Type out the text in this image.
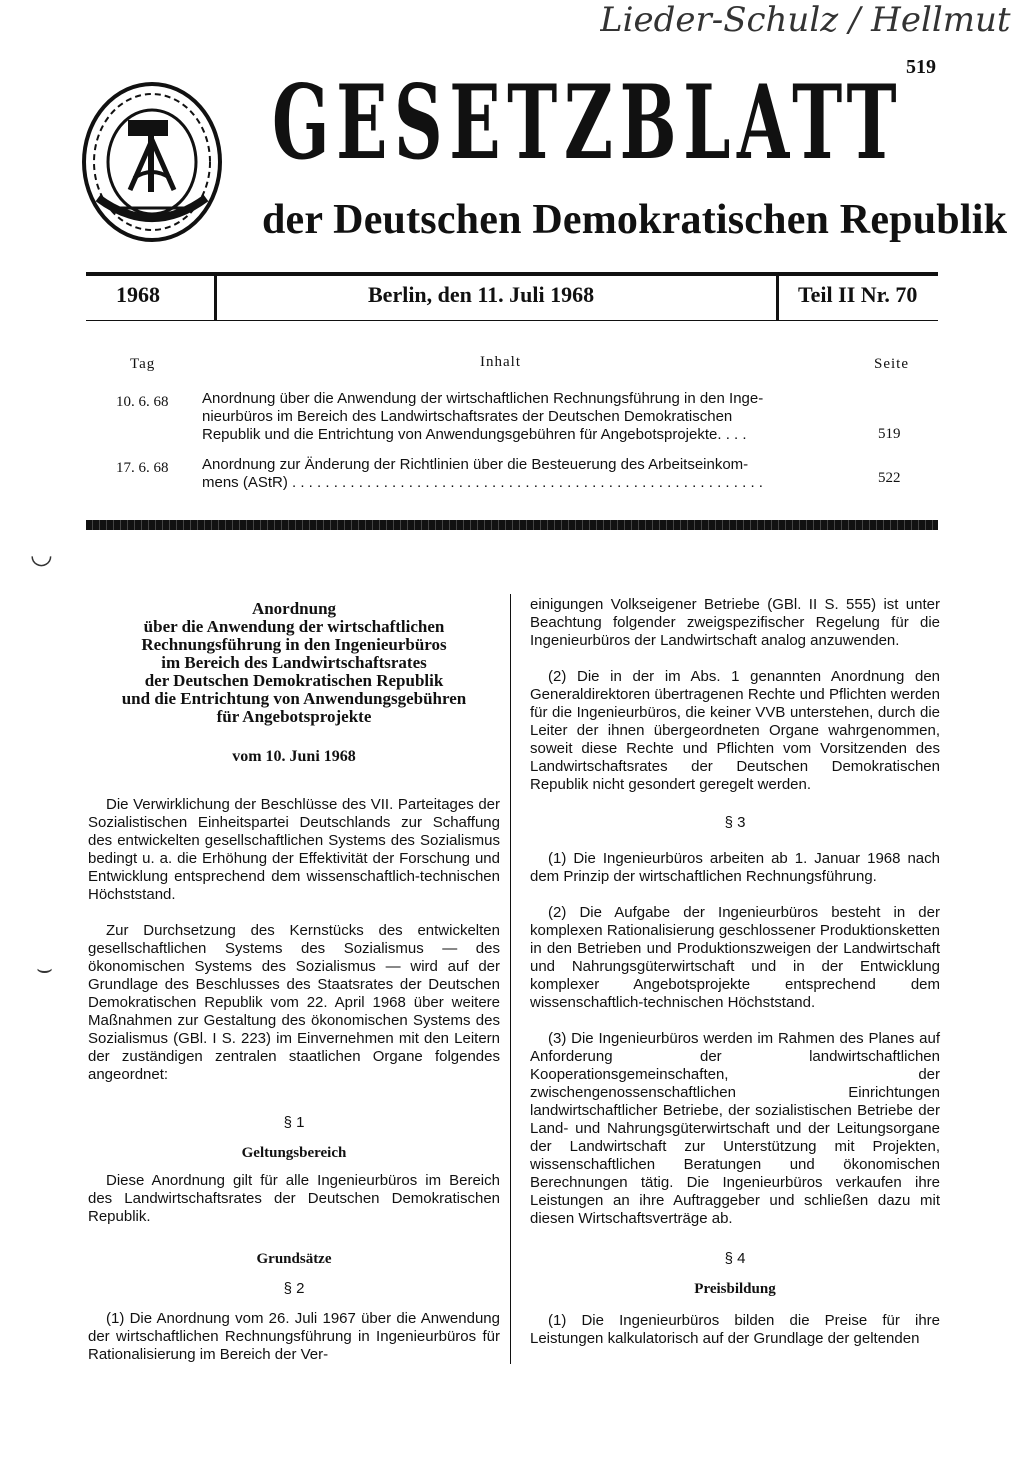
Lieder-Schulz / Hellmut
519
GESETZBLATT
der Deutschen Demokratischen Republik
1968	Berlin, den 11. Juli 1968	Teil II Nr. 70
Tag	Inhalt	Seite
10. 6. 68 Anordnung über die Anwendung der wirtschaftlichen Rechnungsführung in den Inge-
nieurbüros im Bereich des Landwirtschaftsrates der Deutschen Demokratischen
Republik und die Entrichtung von Anwendungsgebühren für Angebotsprojekte. . . .	519
17. 6. 68 Anordnung zur Änderung der Richtlinien über die Besteuerung des Arbeitseinkom-
mens (AStR) . . . . . . . . . . . . . . . . . . . . . . . . . . . . . . . . . . . . . . . . . . . . . . . . . . . . . . . . .	522
◡
⌣
Anordnung
über die Anwendung der wirtschaftlichen
Rechnungsführung in den Ingenieurbüros
im Bereich des Landwirtschaftsrates
der Deutschen Demokratischen Republik
und die Entrichtung von Anwendungsgebühren
für Angebotsprojekte
vom 10. Juni 1968

Die Verwirklichung der Beschlüsse des VII. Parteitages der Sozialistischen Einheitspartei Deutschlands zur Schaffung des entwickelten gesellschaftlichen Systems des Sozialismus bedingt u. a. die Erhöhung der Effektivität der Forschung und Entwicklung entsprechend dem wissenschaftlich-technischen Höchststand.

Zur Durchsetzung des Kernstücks des entwickelten gesellschaftlichen Systems des Sozialismus — des ökonomischen Systems des Sozialismus — wird auf der Grundlage des Beschlusses des Staatsrates der Deutschen Demokratischen Republik vom 22. April 1968 über weitere Maßnahmen zur Gestaltung des ökonomischen Systems des Sozialismus (GBl. I S. 223) im Einvernehmen mit den Leitern der zuständigen zentralen staatlichen Organe folgendes angeordnet:

§ 1
Geltungsbereich

Diese Anordnung gilt für alle Ingenieurbüros im Bereich des Landwirtschaftsrates der Deutschen Demokratischen Republik.

Grundsätze
§ 2

(1) Die Anordnung vom 26. Juli 1967 über die Anwendung der wirtschaftlichen Rechnungsführung in Ingenieurbüros für Rationalisierung im Bereich der Ver-

einigungen Volkseigener Betriebe (GBl. II S. 555) ist unter Beachtung folgender zweigspezifischer Regelung für die Ingenieurbüros der Landwirtschaft analog anzuwenden.

(2) Die in der im Abs. 1 genannten Anordnung den Generaldirektoren übertragenen Rechte und Pflichten werden für die Ingenieurbüros, die keiner VVB unterstehen, durch die Leiter der ihnen übergeordneten Organe wahrgenommen, soweit diese Rechte und Pflichten vom Vorsitzenden des Landwirtschaftsrates der Deutschen Demokratischen Republik nicht gesondert geregelt werden.

§ 3

(1) Die Ingenieurbüros arbeiten ab 1. Januar 1968 nach dem Prinzip der wirtschaftlichen Rechnungsführung.

(2) Die Aufgabe der Ingenieurbüros besteht in der komplexen Rationalisierung geschlossener Produktionsketten in den Betrieben und Produktionszweigen der Landwirtschaft und Nahrungsgüterwirtschaft und in der Entwicklung komplexer Angebotsprojekte entsprechend dem wissenschaftlich-technischen Höchststand.

(3) Die Ingenieurbüros werden im Rahmen des Planes auf Anforderung der landwirtschaftlichen Kooperationsgemeinschaften, der zwischengenossenschaftlichen Einrichtungen landwirtschaftlicher Betriebe, der sozialistischen Betriebe der Land- und Nahrungsgüterwirtschaft und der Leitungsorgane der Landwirtschaft zur Unterstützung mit Projekten, wissenschaftlichen Beratungen und ökonomischen Berechnungen tätig. Die Ingenieurbüros verkaufen ihre Leistungen an ihre Auftraggeber und schließen dazu mit diesen Wirtschaftsverträge ab.

§ 4
Preisbildung

(1) Die Ingenieurbüros bilden die Preise für ihre Leistungen kalkulatorisch auf der Grundlage der geltenden
